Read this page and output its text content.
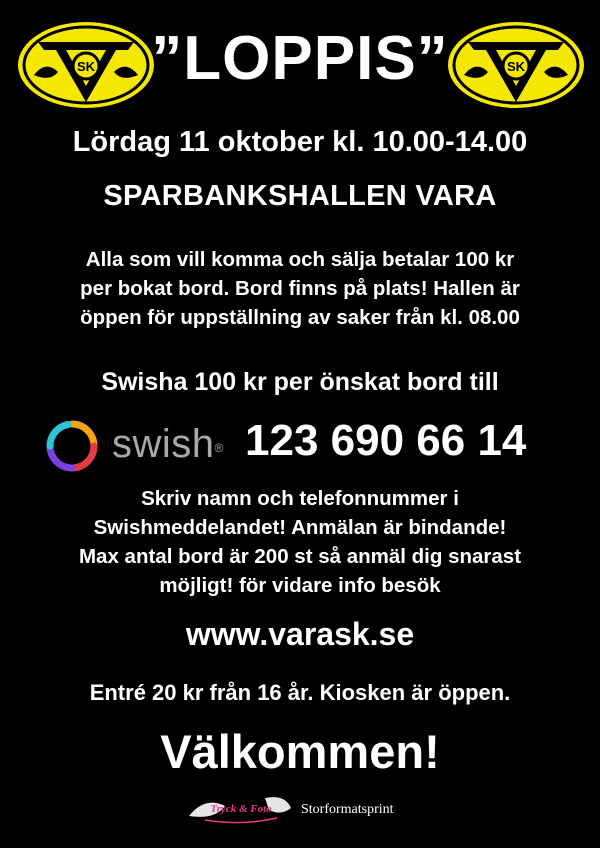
SK ”LOPPIS”	SK
Lördag 11 oktober kl. 10.00-14.00
SPARBANKSHALLEN VARA
Alla som vill komma och sälja betalar 100 kr
per bokat bord. Bord finns på plats! Hallen är
öppen för uppställning av saker från kl. 08.00
Swisha 100 kr per önskat bord till
swish® 123 690 66 14
Skriv namn och telefonnummer i
Swishmeddelandet! Anmälan är bindande!
Max antal bord är 200 st så anmäl dig snarast
möjligt! för vidare info besök
www.varask.se
Entré 20 kr från 16 år. Kiosken är öppen.
Välkommen!
Tryck & Foto Storformatsprint
